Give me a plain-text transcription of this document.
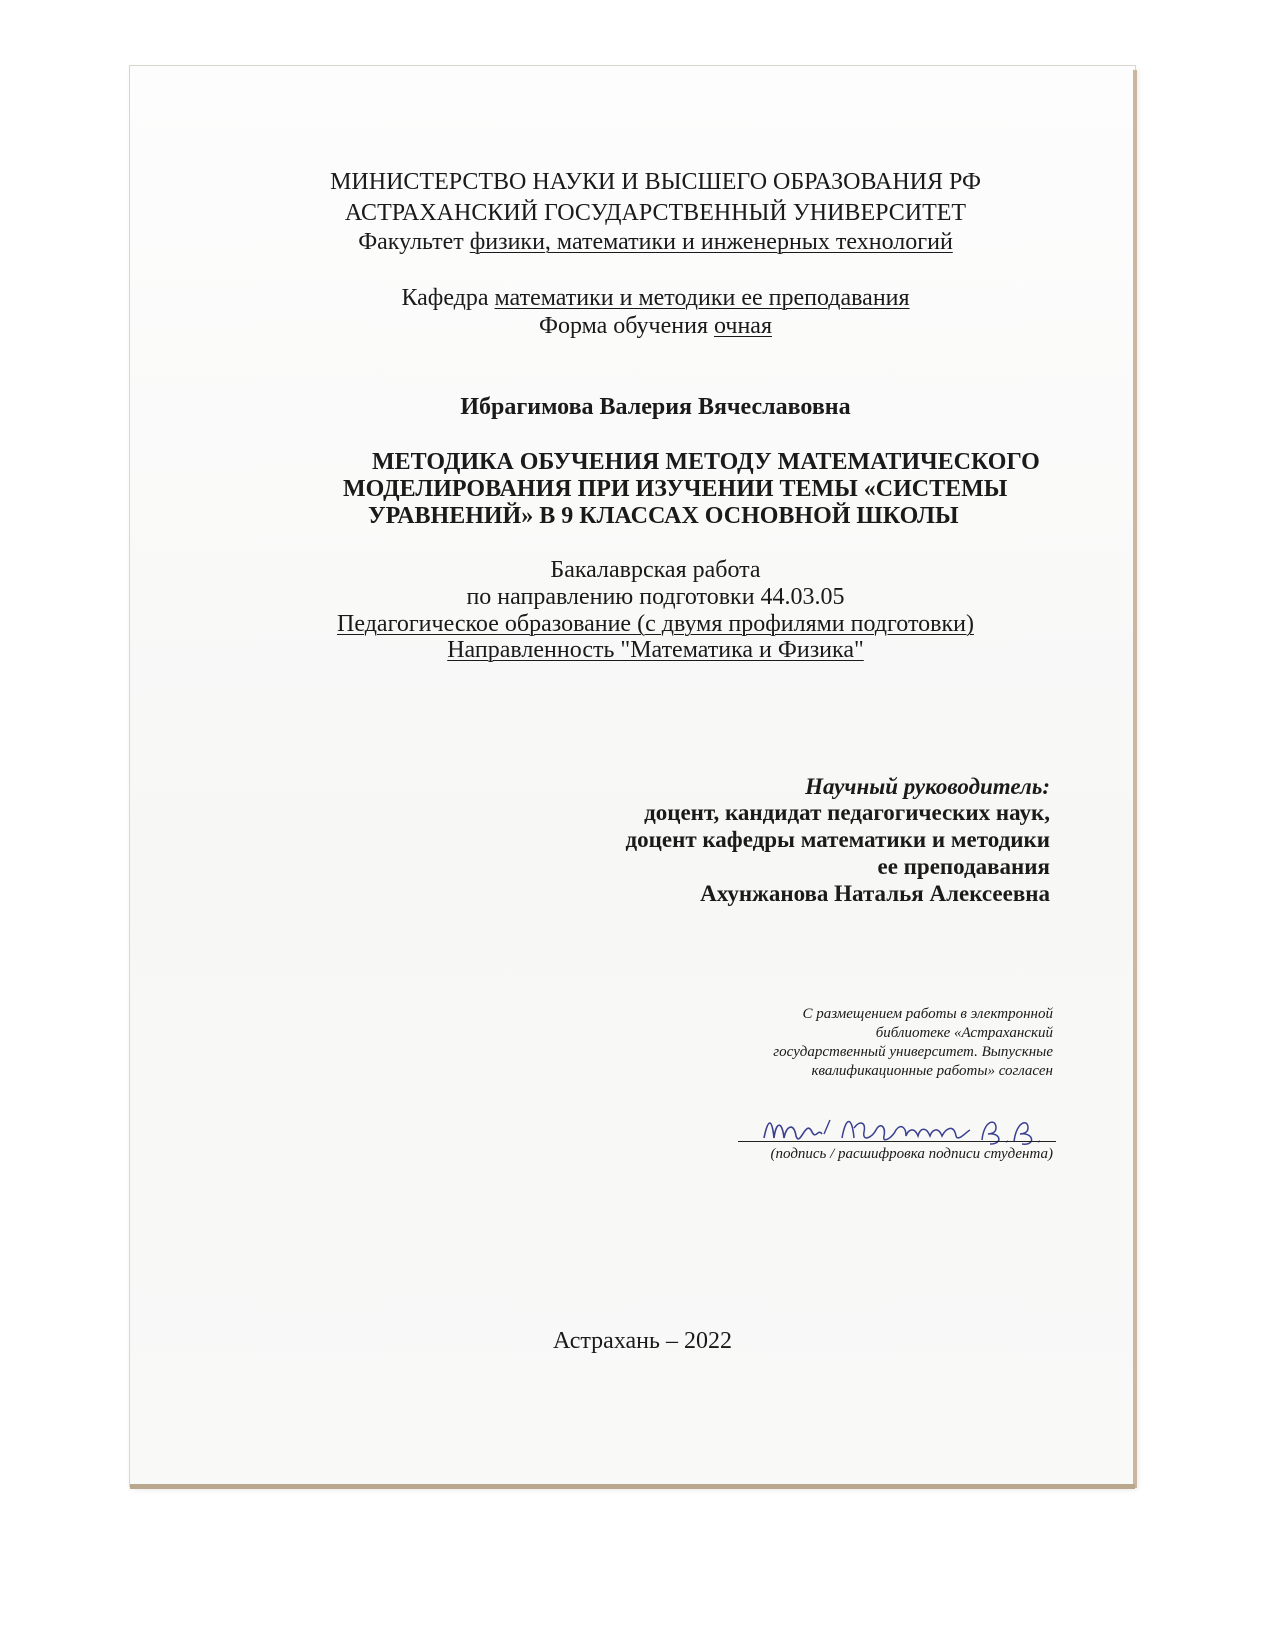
МИНИСТЕРСТВО НАУКИ И ВЫСШЕГО ОБРАЗОВАНИЯ РФ
АСТРАХАНСКИЙ ГОСУДАРСТВЕННЫЙ УНИВЕРСИТЕТ
Факультет физики, математики и инженерных технологий
Кафедра математики и методики ее преподавания
Форма обучения очная
Ибрагимова Валерия Вячеславовна
МЕТОДИКА ОБУЧЕНИЯ МЕТОДУ МАТЕМАТИЧЕСКОГО
МОДЕЛИРОВАНИЯ ПРИ ИЗУЧЕНИИ ТЕМЫ «СИСТЕМЫ
УРАВНЕНИЙ» В 9 КЛАССАХ ОСНОВНОЙ ШКОЛЫ
Бакалаврская работа
по направлению подготовки 44.03.05
Педагогическое образование (с двумя профилями подготовки)
Направленность "Математика и Физика"
Научный руководитель:
доцент, кандидат педагогических наук,
доцент кафедры математики и методики
ее преподавания
Ахунжанова Наталья Алексеевна
С размещением работы в электронной
библиотеке «Астраханский
государственный университет. Выпускные
квалификационные работы» согласен
(подпись / расшифровка подписи студента)
Астрахань – 2022
